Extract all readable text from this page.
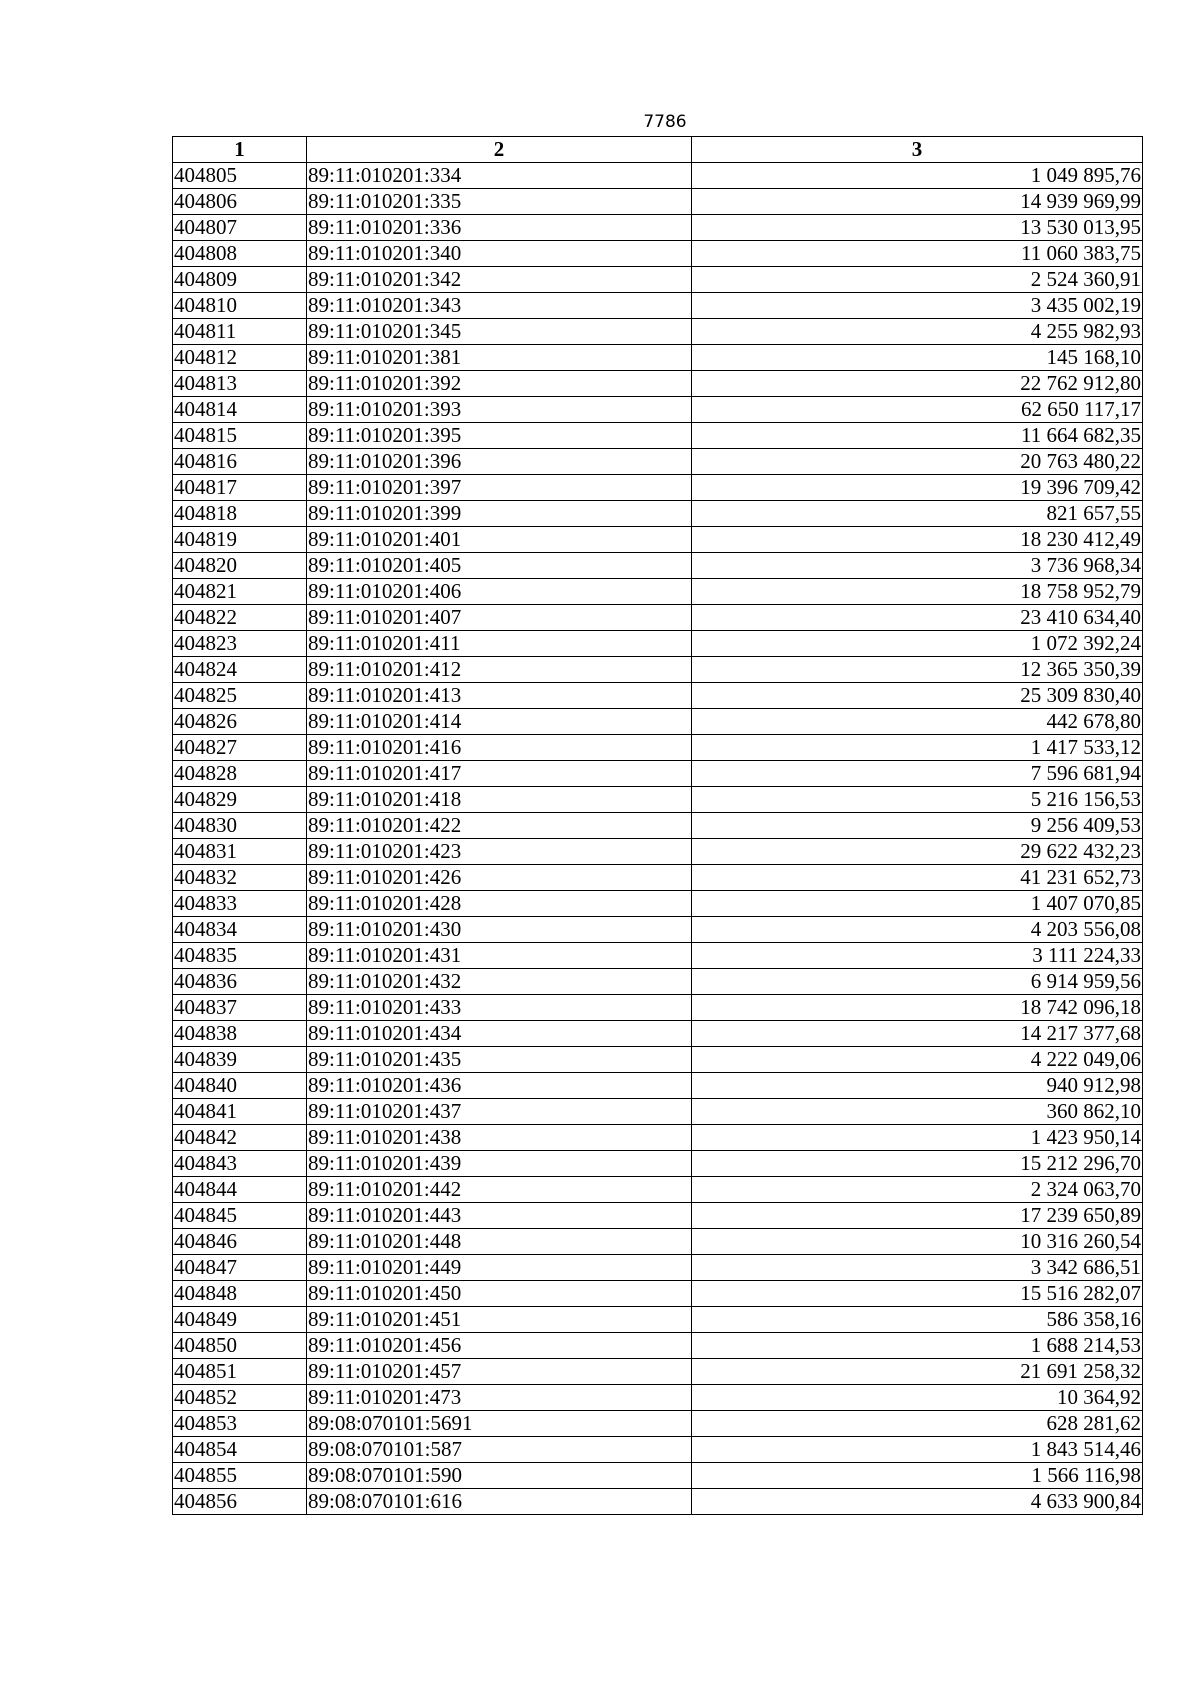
7786
1	2	3
404805	89:11:010201:334	1 049 895,76
404806	89:11:010201:335	14 939 969,99
404807	89:11:010201:336	13 530 013,95
404808	89:11:010201:340	11 060 383,75
404809	89:11:010201:342	2 524 360,91
404810	89:11:010201:343	3 435 002,19
404811	89:11:010201:345	4 255 982,93
404812	89:11:010201:381	145 168,10
404813	89:11:010201:392	22 762 912,80
404814	89:11:010201:393	62 650 117,17
404815	89:11:010201:395	11 664 682,35
404816	89:11:010201:396	20 763 480,22
404817	89:11:010201:397	19 396 709,42
404818	89:11:010201:399	821 657,55
404819	89:11:010201:401	18 230 412,49
404820	89:11:010201:405	3 736 968,34
404821	89:11:010201:406	18 758 952,79
404822	89:11:010201:407	23 410 634,40
404823	89:11:010201:411	1 072 392,24
404824	89:11:010201:412	12 365 350,39
404825	89:11:010201:413	25 309 830,40
404826	89:11:010201:414	442 678,80
404827	89:11:010201:416	1 417 533,12
404828	89:11:010201:417	7 596 681,94
404829	89:11:010201:418	5 216 156,53
404830	89:11:010201:422	9 256 409,53
404831	89:11:010201:423	29 622 432,23
404832	89:11:010201:426	41 231 652,73
404833	89:11:010201:428	1 407 070,85
404834	89:11:010201:430	4 203 556,08
404835	89:11:010201:431	3 111 224,33
404836	89:11:010201:432	6 914 959,56
404837	89:11:010201:433	18 742 096,18
404838	89:11:010201:434	14 217 377,68
404839	89:11:010201:435	4 222 049,06
404840	89:11:010201:436	940 912,98
404841	89:11:010201:437	360 862,10
404842	89:11:010201:438	1 423 950,14
404843	89:11:010201:439	15 212 296,70
404844	89:11:010201:442	2 324 063,70
404845	89:11:010201:443	17 239 650,89
404846	89:11:010201:448	10 316 260,54
404847	89:11:010201:449	3 342 686,51
404848	89:11:010201:450	15 516 282,07
404849	89:11:010201:451	586 358,16
404850	89:11:010201:456	1 688 214,53
404851	89:11:010201:457	21 691 258,32
404852	89:11:010201:473	10 364,92
404853	89:08:070101:5691	628 281,62
404854	89:08:070101:587	1 843 514,46
404855	89:08:070101:590	1 566 116,98
404856	89:08:070101:616	4 633 900,84
